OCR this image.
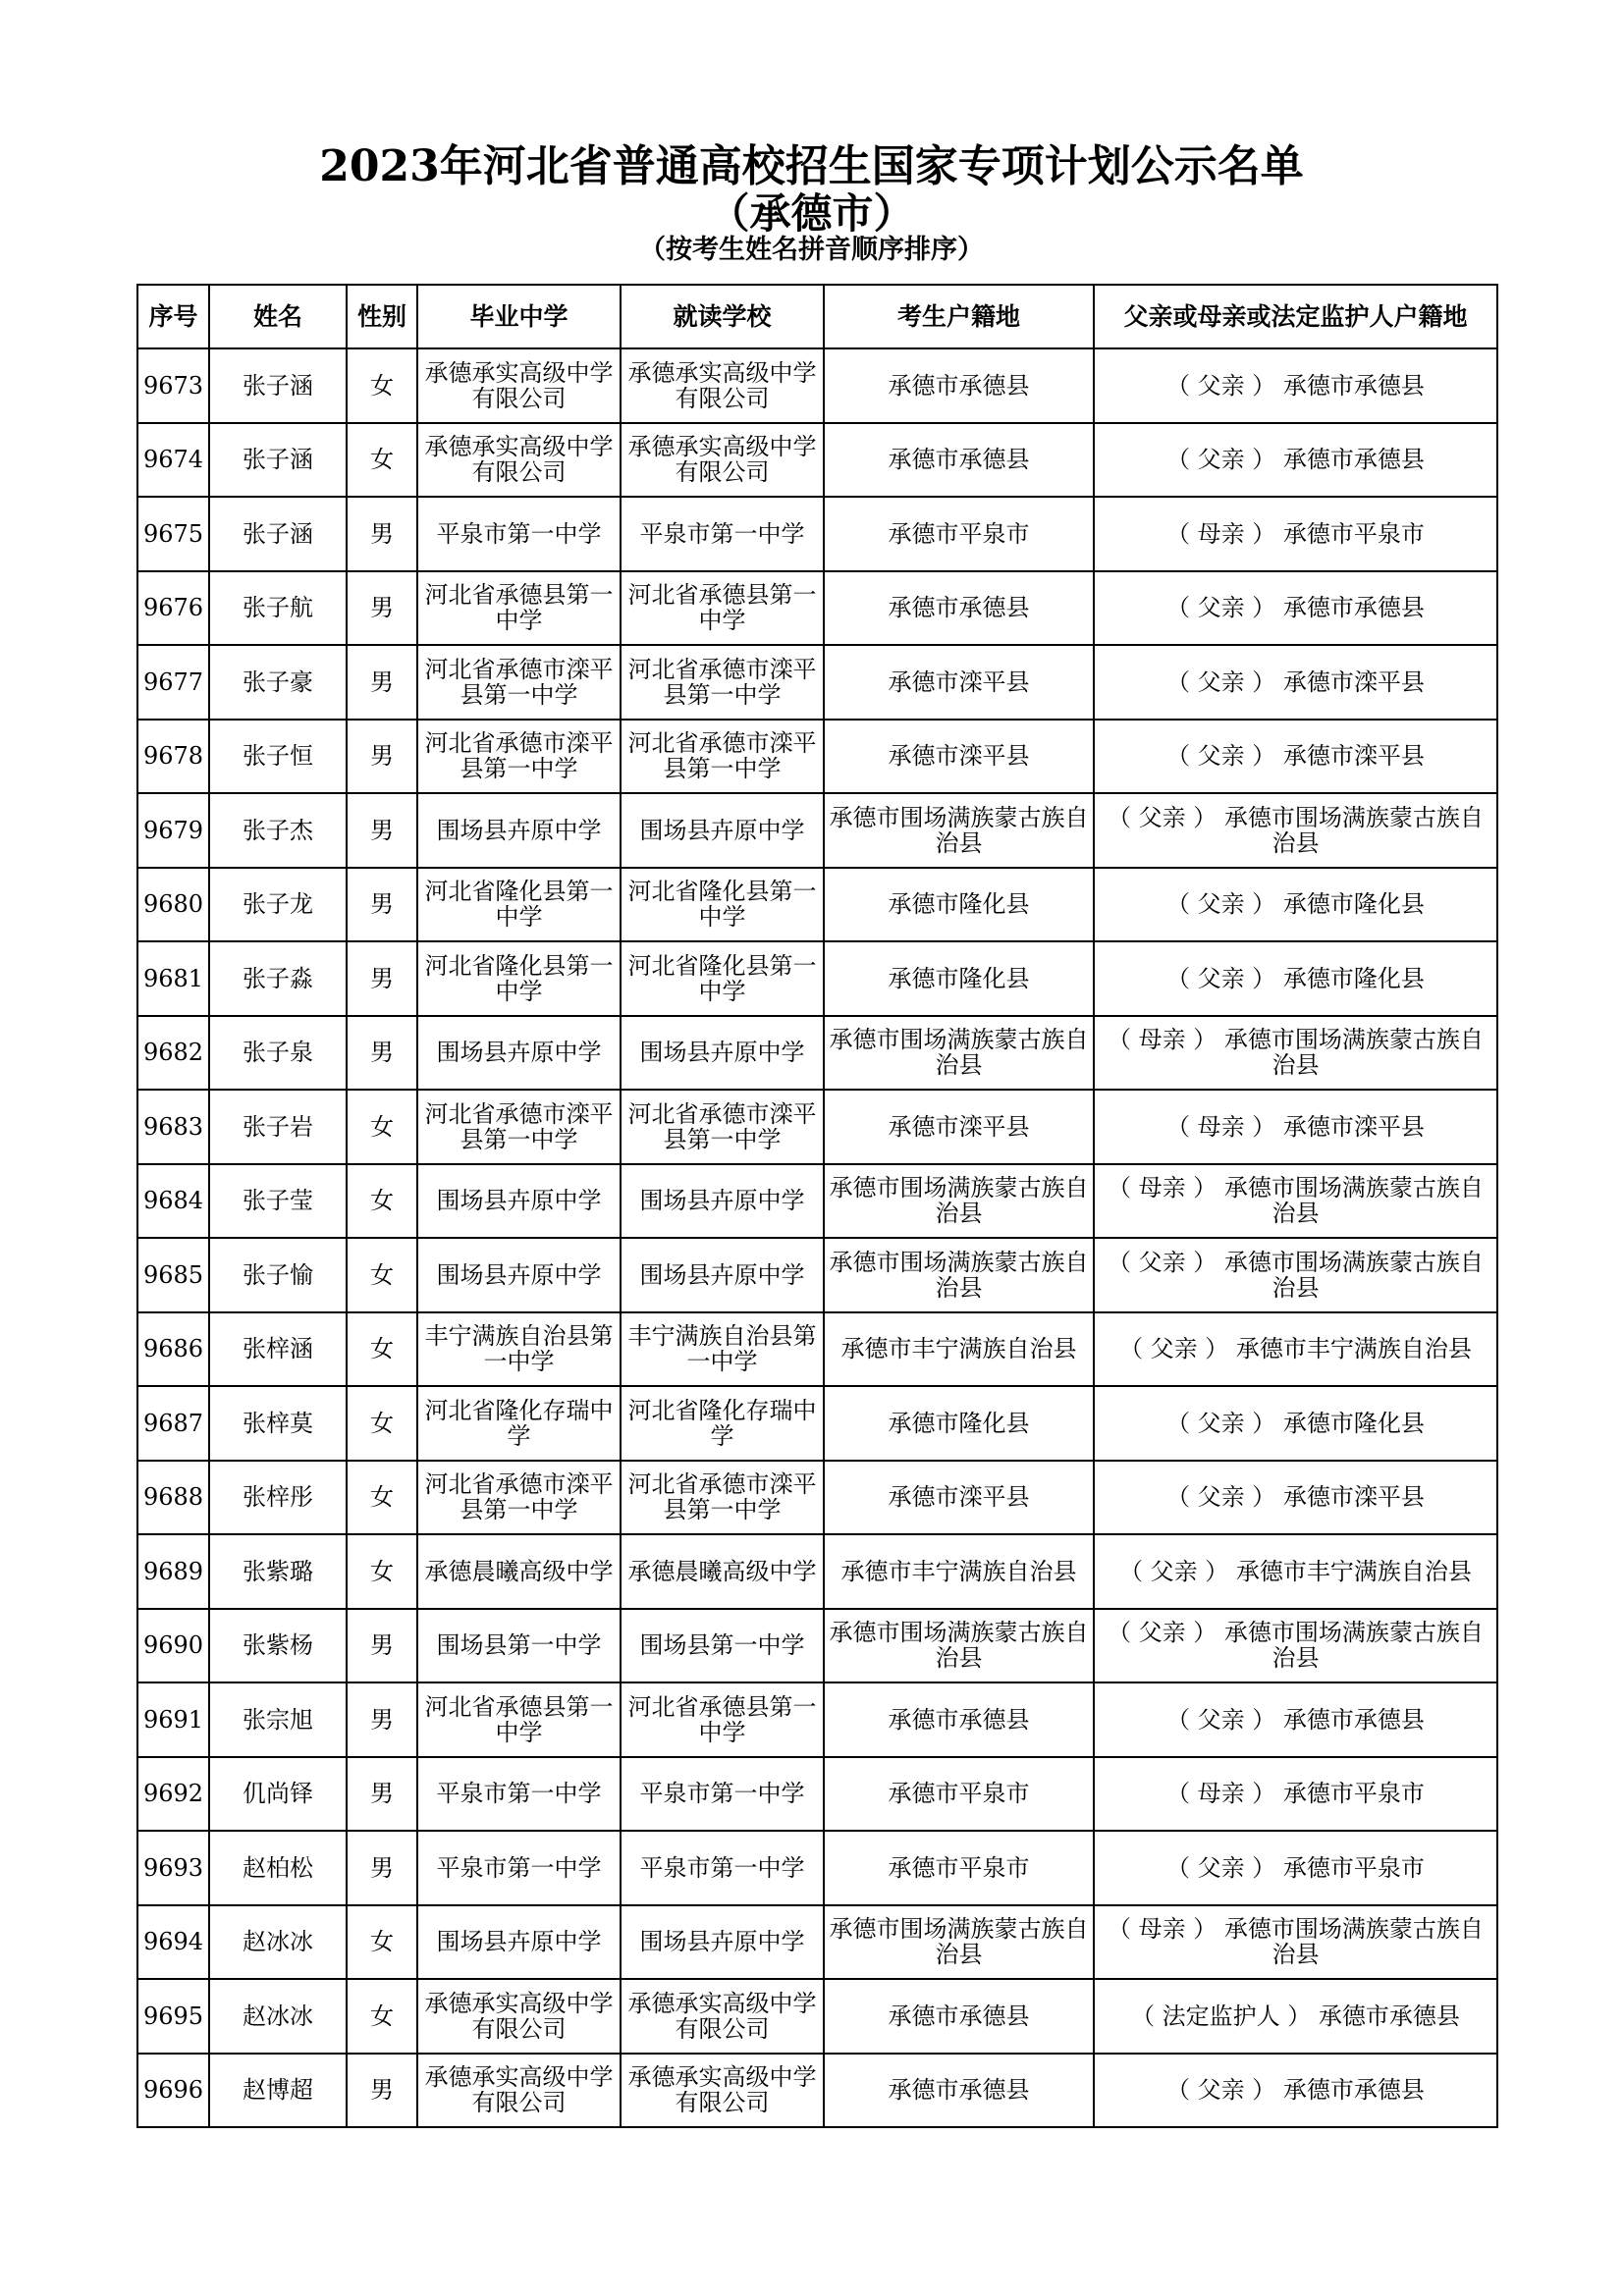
2023年河北省普通高校招生国家专项计划公示名单
（承德市）
（按考生姓名拼音顺序排序）
序号	姓名	性别	毕业中学	就读学校	考生户籍地	父亲或母亲或法定监护人户籍地
9673	张子涵	女	承德承实高级中学有限公司	承德承实高级中学有限公司	承德市承德县	（ 父亲 ） 承德市承德县
9674	张子涵	女	承德承实高级中学有限公司	承德承实高级中学有限公司	承德市承德县	（ 父亲 ） 承德市承德县
9675	张子涵	男	平泉市第一中学	平泉市第一中学	承德市平泉市	（ 母亲 ） 承德市平泉市
9676	张子航	男	河北省承德县第一中学	河北省承德县第一中学	承德市承德县	（ 父亲 ） 承德市承德县
9677	张子豪	男	河北省承德市滦平县第一中学	河北省承德市滦平县第一中学	承德市滦平县	（ 父亲 ） 承德市滦平县
9678	张子恒	男	河北省承德市滦平县第一中学	河北省承德市滦平县第一中学	承德市滦平县	（ 父亲 ） 承德市滦平县
9679	张子杰	男	围场县卉原中学	围场县卉原中学	承德市围场满族蒙古族自治县	（ 父亲 ） 承德市围场满族蒙古族自治县
9680	张子龙	男	河北省隆化县第一中学	河北省隆化县第一中学	承德市隆化县	（ 父亲 ） 承德市隆化县
9681	张子淼	男	河北省隆化县第一中学	河北省隆化县第一中学	承德市隆化县	（ 父亲 ） 承德市隆化县
9682	张子泉	男	围场县卉原中学	围场县卉原中学	承德市围场满族蒙古族自治县	（ 母亲 ） 承德市围场满族蒙古族自治县
9683	张子岩	女	河北省承德市滦平县第一中学	河北省承德市滦平县第一中学	承德市滦平县	（ 母亲 ） 承德市滦平县
9684	张子莹	女	围场县卉原中学	围场县卉原中学	承德市围场满族蒙古族自治县	（ 母亲 ） 承德市围场满族蒙古族自治县
9685	张子愉	女	围场县卉原中学	围场县卉原中学	承德市围场满族蒙古族自治县	（ 父亲 ） 承德市围场满族蒙古族自治县
9686	张梓涵	女	丰宁满族自治县第一中学	丰宁满族自治县第一中学	承德市丰宁满族自治县	（ 父亲 ） 承德市丰宁满族自治县
9687	张梓莫	女	河北省隆化存瑞中学	河北省隆化存瑞中学	承德市隆化县	（ 父亲 ） 承德市隆化县
9688	张梓彤	女	河北省承德市滦平县第一中学	河北省承德市滦平县第一中学	承德市滦平县	（ 父亲 ） 承德市滦平县
9689	张紫璐	女	承德晨曦高级中学	承德晨曦高级中学	承德市丰宁满族自治县	（ 父亲 ） 承德市丰宁满族自治县
9690	张紫杨	男	围场县第一中学	围场县第一中学	承德市围场满族蒙古族自治县	（ 父亲 ） 承德市围场满族蒙古族自治县
9691	张宗旭	男	河北省承德县第一中学	河北省承德县第一中学	承德市承德县	（ 父亲 ） 承德市承德县
9692	仉尚铎	男	平泉市第一中学	平泉市第一中学	承德市平泉市	（ 母亲 ） 承德市平泉市
9693	赵柏松	男	平泉市第一中学	平泉市第一中学	承德市平泉市	（ 父亲 ） 承德市平泉市
9694	赵冰冰	女	围场县卉原中学	围场县卉原中学	承德市围场满族蒙古族自治县	（ 母亲 ） 承德市围场满族蒙古族自治县
9695	赵冰冰	女	承德承实高级中学有限公司	承德承实高级中学有限公司	承德市承德县	（ 法定监护人 ） 承德市承德县
9696	赵博超	男	承德承实高级中学有限公司	承德承实高级中学有限公司	承德市承德县	（ 父亲 ） 承德市承德县
